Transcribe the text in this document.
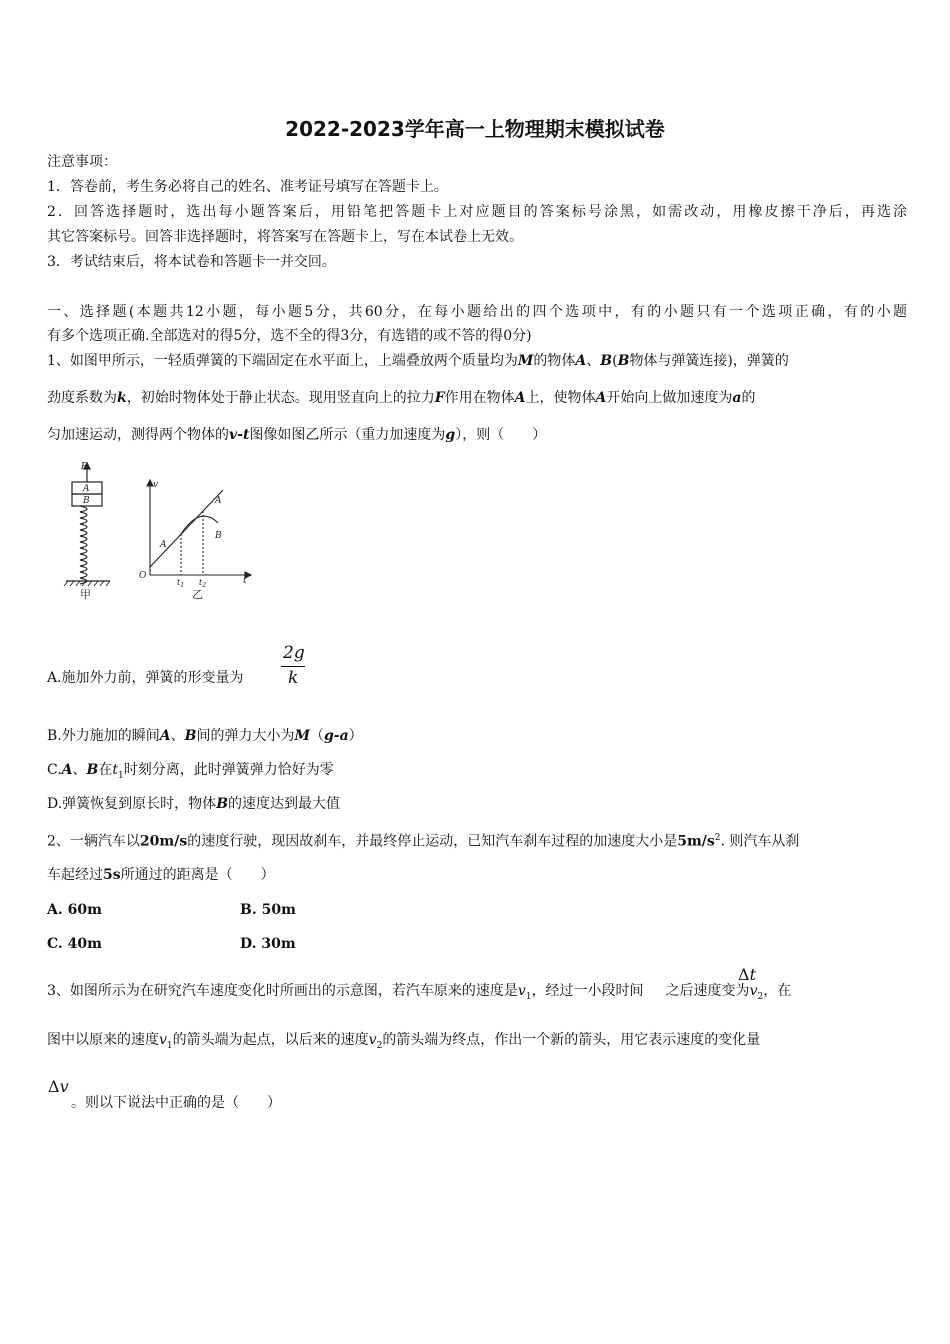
2022-2023学年高一上物理期末模拟试卷
注意事项：
1．答卷前，考生务必将自己的姓名、准考证号填写在答题卡上。
2．回答选择题时，选出每小题答案后，用铅笔把答题卡上对应题目的答案标号涂黑，如需改动，用橡皮擦干净后，再选涂
其它答案标号。回答非选择题时，将答案写在答题卡上，写在本试卷上无效。
3．考试结束后，将本试卷和答题卡一并交回。
一、选择题(本题共12小题，每小题5分，共60分，在每小题给出的四个选项中，有的小题只有一个选项正确，有的小题
有多个选项正确.全部选对的得5分，选不全的得3分，有选错的或不答的得0分)
1、如图甲所示，一轻质弹簧的下端固定在水平面上，上端叠放两个质量均为M的物体A、B(B物体与弹簧连接)，弹簧的
劲度系数为k，初始时物体处于静止状态。现用竖直向上的拉力F作用在物体A上，使物体A开始向上做加速度为a的
匀加速运动，测得两个物体的v-t图像如图乙所示（重力加速度为g），则（　　）
F
A
B
甲
v
O	t
$t_1$ $t_2$
A
A
B
乙
A.施加外力前，弹簧的形变量为
2g
k
B.外力施加的瞬间A、B间的弹力大小为M（g-a）
C.A、B在$t_1$时刻分离，此时弹簧弹力恰好为零
D.弹簧恢复到原长时，物体B的速度达到最大值
2、一辆汽车以20m/s的速度行驶，现因故刹车，并最终停止运动，已知汽车刹车过程的加速度大小是$5m/s^2$. 则汽车从刹
车起经过5s所通过的距离是（　　）
A. 60m	B. 50m
C. 40m	D. 30m
3、如图所示为在研究汽车速度变化时所画出的示意图，若汽车原来的速度是$v_1$，经过一小段时间 之后速度变为$v_2$，在
Δt
图中以原来的速度$v_1$的箭头端为起点，以后来的速度$v_2$的箭头端为终点，作出一个新的箭头，用它表示速度的变化量
Δv
。则以下说法中正确的是（　　）
